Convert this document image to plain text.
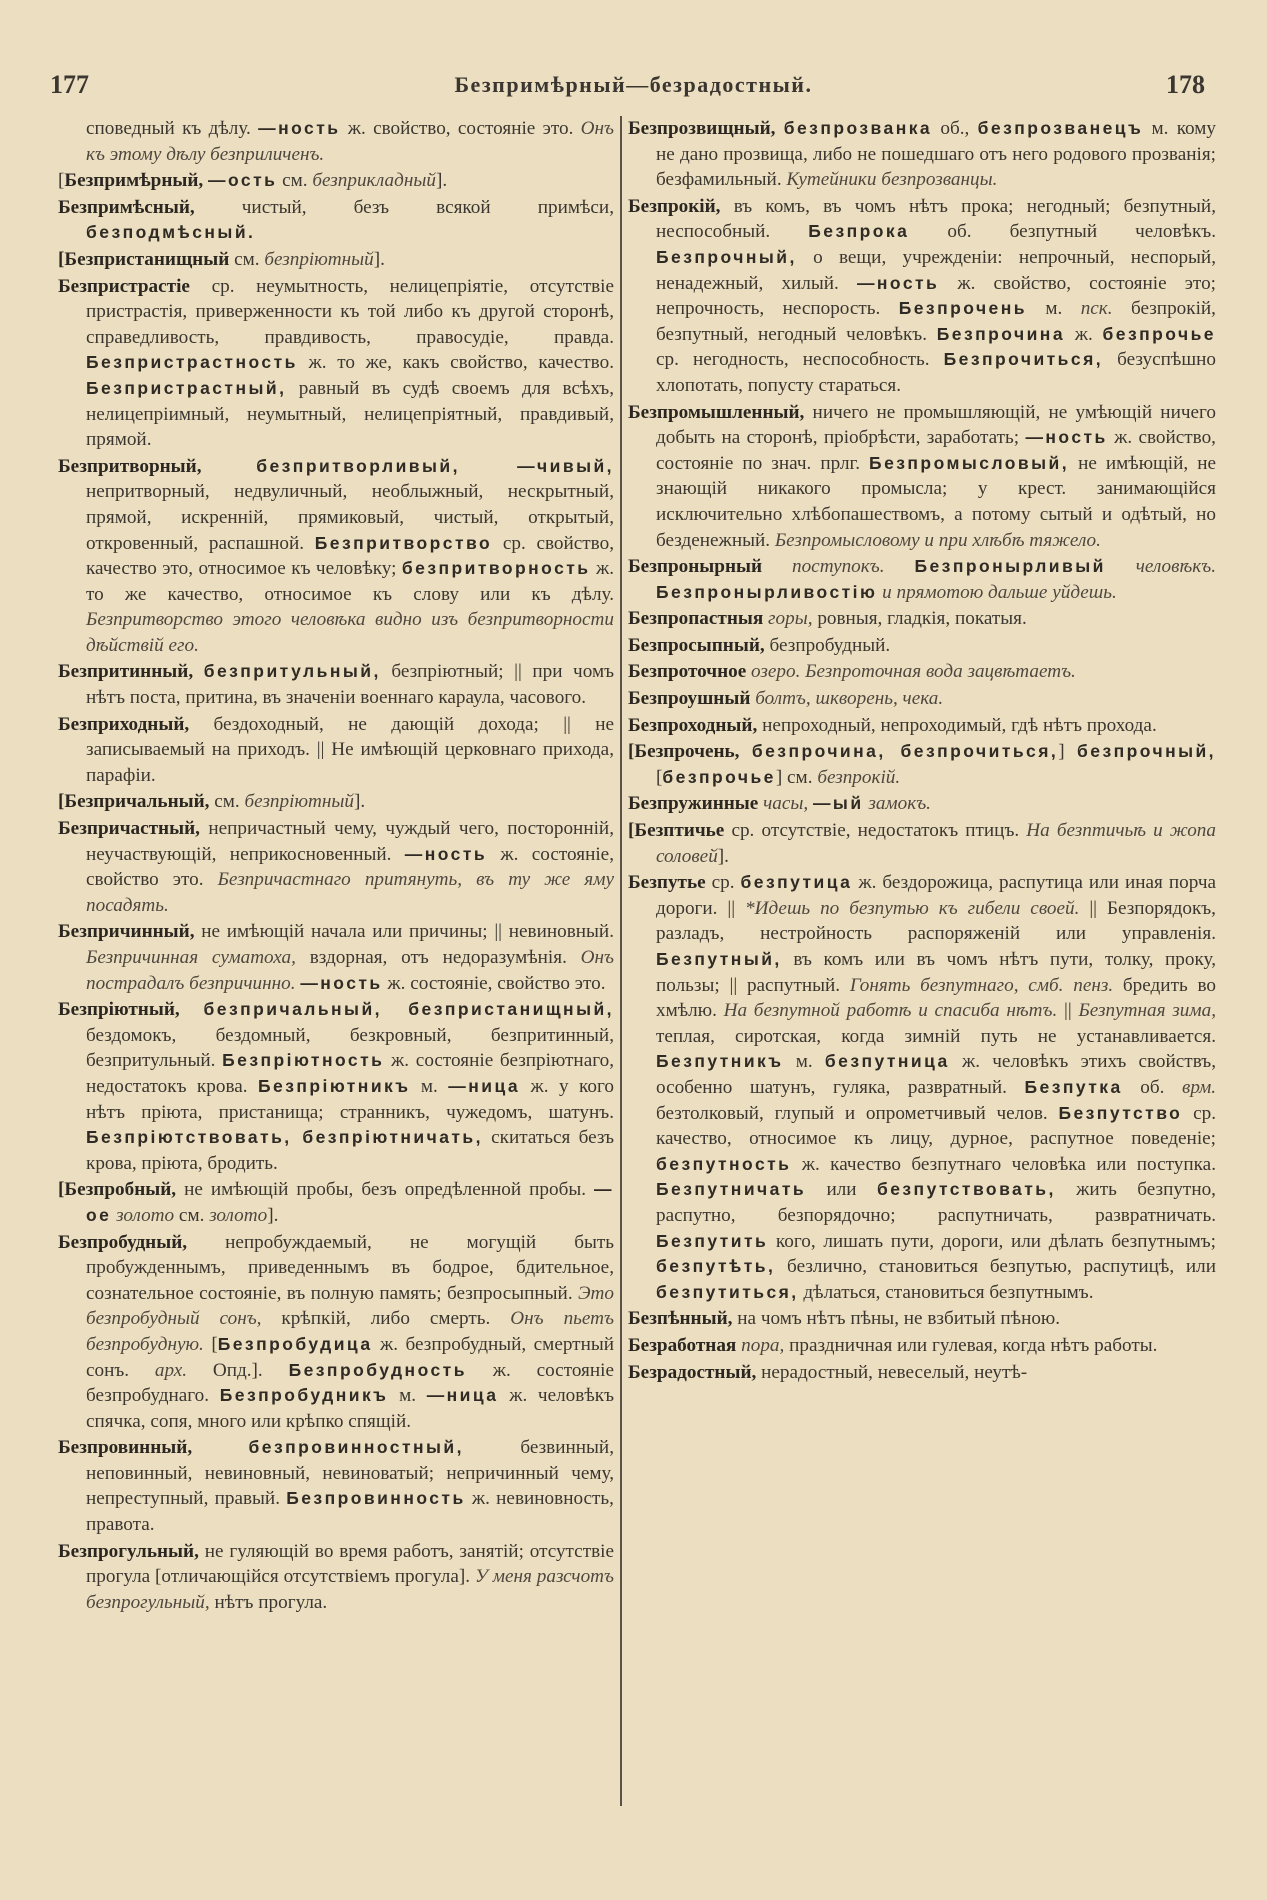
177	Безпримѣрный—безрадостный.	178

споведный къ дѣлу. —ность ж. свойство, состояніе это. Онъ къ этому дѣлу безприличенъ.

[Безпримѣрный, —ость см. безприкладный].

Безпримѣсный, чистый, безъ всякой примѣси, безподмѣсный.

[Безпристанищный см. безпріютный].

Безпристрастіе ср. неумытность, нелицепріятіе, отсутствіе пристрастія, приверженности къ той либо къ другой сторонѣ, справедливость, правдивость, правосудіе, правда. Безпристрастность ж. то же, какъ свойство, качество. Безпристрастный, равный въ судѣ своемъ для всѣхъ, нелицепріимный, неумытный, нелицепріятный, правдивый, прямой.

Безпритворный,	безпритворливый, —чивый, непритворный, недвуличный, необлыжный, нескрытный, прямой, искренній, прямиковый, чистый, открытый, откровенный, распашной. Безпритворство ср. свойство, качество это, относимое къ человѣку; безпритворность ж. то же качество, относимое къ слову или къ дѣлу. Безпритворство этого человѣка видно изъ безпритворности дѣйствій его.

Безпритинный, безпритульный, безпріютный; || при чомъ нѣтъ поста, притина, въ значеніи военнаго караула, часового.

Безприходный, бездоходный, не дающій дохода; || не записываемый на приходъ. || Не имѣющій церковнаго прихода, парафіи.

[Безпричальный, см. безпріютный].

Безпричастный, непричастный чему, чуждый чего, посторонній, неучаствующій, неприкосновенный. —ность ж. состояніе, свойство это. Безпричастнаго притянуть, въ ту же яму посадять.

Безпричинный, не имѣющій начала или причины; || невиновный. Безпричинная суматоха, вздорная, отъ недоразумѣнія. Онъ пострадалъ безпричинно. —ность ж. состояніе, свойство это.

Безпріютный, безпричальный, безпристанищный, бездомокъ, бездомный, безкровный, безпритинный, безпритульный. Безпріютность ж. состояніе безпріютнаго, недостатокъ крова. Безпріютникъ м. —ница ж. у кого нѣтъ пріюта, пристанища; странникъ, чужедомъ, шатунъ. Безпріютствовать, безпріютничать, скитаться безъ крова, пріюта, бродить.

[Безпробный, не имѣющій пробы, безъ опредѣленной пробы. —ое золото см. золото].

Безпробудный, непробуждаемый, не могущій быть пробужденнымъ, приведеннымъ въ бодрое, бдительное, сознательное состояніе, въ полную память; безпросыпный. Это безпробудный сонъ, крѣпкій, либо смерть. Онъ пьетъ безпробудную. [Безпробудица ж. безпробудный, смертный сонъ. арх. Опд.]. Безпробудность ж. состояніе безпробуднаго. Безпробудникъ м. —ница ж. человѣкъ спячка, сопя, много или крѣпко спящій.

Безпровинный,	безпровинностный, безвинный, неповинный, невиновный, невиноватый; непричинный чему, непреступный, правый. Безпровинность ж. невиновность, правота.

Безпрогульный, не гуляющій во время работъ, занятій; отсутствіе прогула [отличающійся отсутствіемъ прогула]. У меня разсчотъ безпрогульный, нѣтъ прогула.

Безпрозвищный, безпрозванка об., безпрозванецъ м. кому не дано прозвища, либо не пошедшаго отъ него родового прозванія; безфамильный. Кутейники безпрозванцы.

Безпрокій, въ комъ, въ чомъ нѣтъ прока; негодный; безпутный, неспособный. Безпрока об. безпутный человѣкъ. Безпрочный, о вещи, учрежденіи: непрочный, неспорый, ненадежный, хилый. —ность ж. свойство, состояніе это; непрочность, неспорость. Безпрочень м. пск. безпрокій, безпутный, негодный человѣкъ. Безпрочина ж. безпрочье ср. негодность, неспособность. Безпрочиться, безуспѣшно хлопотать, попусту стараться.

Безпромышленный, ничего не промышляющій, не умѣющій ничего добыть на сторонѣ, пріобрѣсти, заработать; —ность ж. свойство, состояніе по знач. прлг. Безпромысловый, не имѣющій, не знающій никакого промысла; у крест. занимающійся исключительно хлѣбопашествомъ, а потому сытый и одѣтый, но безденежный. Безпромысловому и при хлѣбѣ тяжело.

Безпронырный поступокъ. Безпронырливый человѣкъ. Безпронырливостію и прямотою дальше уйдешь.

Безпропастныя горы, ровныя, гладкія, покатыя.

Безпросыпный, безпробудный.

Безпроточное озеро. Безпроточная вода зацвѣтаетъ.

Безпроушный болтъ, шкворень, чека.

Безпроходный, непроходный, непроходимый, гдѣ нѣтъ прохода.

[Безпрочень, безпрочина, безпрочиться,] безпрочный, [безпрочье] см. безпрокій.

Безпружинные часы, —ый замокъ.

[Безптичье ср. отсутствіе, недостатокъ птицъ. На безптичьѣ и жопа соловей].

Безпутье ср. безпутица ж. бездорожица, распутица или иная порча дороги. || *Идешь по безпутью къ гибели своей. || Безпорядокъ, разладъ, нестройность распоряженій или управленія. Безпутный, въ комъ или въ чомъ нѣтъ пути, толку, проку, пользы; || распутный. Гонять безпутнаго, смб. пенз. бредить во хмѣлю. На безпутной работѣ и спасиба нѣтъ. || Безпутная зима, теплая, сиротская, когда зимній путь не устанавливается. Безпутникъ м. безпутница ж. человѣкъ этихъ свойствъ, особенно шатунъ, гуляка, развратный. Безпутка об. врм. безтолковый, глупый и опрометчивый челов. Безпутство ср. качество, относимое къ лицу, дурное, распутное поведеніе; безпутность ж. качество безпутнаго человѣка или поступка. Безпутничать или безпутствовать, жить безпутно, распутно, безпорядочно; распутничать, развратничать. Безпутить кого, лишать пути, дороги, или дѣлать безпутнымъ; безпутѣть, безлично, становиться безпутью, распутицѣ, или безпутиться, дѣлаться, становиться безпутнымъ.

Безпѣнный, на чомъ нѣтъ пѣны, не взбитый пѣною.

Безработная пора, праздничная или гулевая, когда нѣтъ работы.

Безрадостный, нерадостный, невеселый, неутѣ-
